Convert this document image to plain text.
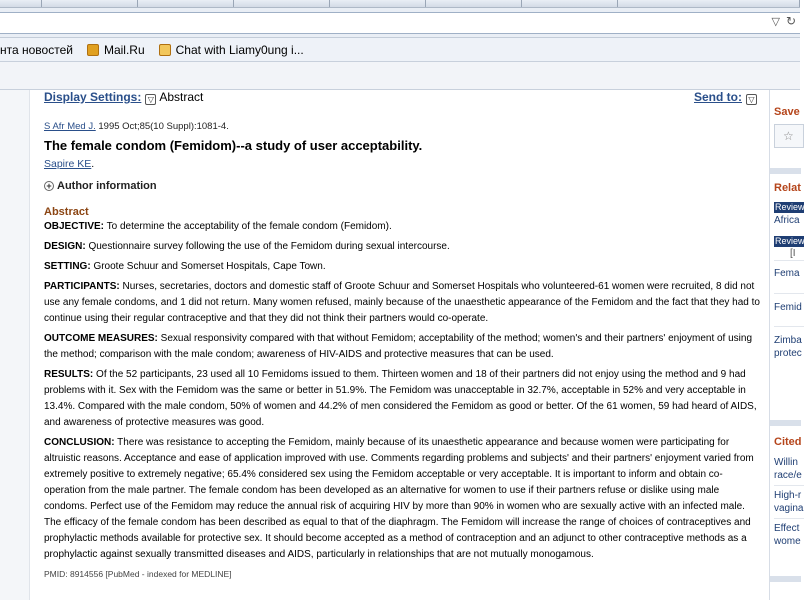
▽ ↻
нта новостей	Mail.Ru	Chat with Liamy0ung i...
Display Settings: ▽ Abstract	Send to: ▽
S Afr Med J. 1995 Oct;85(10 Suppl):1081-4.
The female condom (Femidom)--a study of user acceptability.
Sapire KE.
+ Author information
Abstract
OBJECTIVE: To determine the acceptability of the female condom (Femidom).
DESIGN: Questionnaire survey following the use of the Femidom during sexual intercourse.
SETTING: Groote Schuur and Somerset Hospitals, Cape Town.
PARTICIPANTS: Nurses, secretaries, doctors and domestic staff of Groote Schuur and Somerset Hospitals who volunteered-61 women were recruited, 8 did not use any female condoms, and 1 did not return. Many women refused, mainly because of the unaesthetic appearance of the Femidom and the fact that they had to continue using their regular contraceptive and that they did not think their partners would co-operate.
OUTCOME MEASURES: Sexual responsivity compared with that without Femidom; acceptability of the method; women's and their partners' enjoyment of using the method; comparison with the male condom; awareness of HIV-AIDS and protective measures that can be used.
RESULTS: Of the 52 participants, 23 used all 10 Femidoms issued to them. Thirteen women and 18 of their partners did not enjoy using the method and 9 had problems with it. Sex with the Femidom was the same or better in 51.9%. The Femidom was unacceptable in 32.7%, acceptable in 52% and very acceptable in 13.4%. Compared with the male condom, 50% of women and 44.2% of men considered the Femidom as good or better. Of the 61 women, 59 had heard of AIDS, and awareness of protective measures was good.
CONCLUSION: There was resistance to accepting the Femidom, mainly because of its unaesthetic appearance and because women were participating for altruistic reasons. Acceptance and ease of application improved with use. Comments regarding problems and subjects' and their partners' enjoyment varied from extremely positive to extremely negative; 65.4% considered sex using the Femidom acceptable or very acceptable. It is important to inform and obtain co-operation from the male partner. The female condom has been developed as an alternative for women to use if their partners refuse or dislike using male condoms. Perfect use of the Femidom may reduce the annual risk of acquiring HIV by more than 90% in women who are sexually active with an infected male. The efficacy of the female condom has been described as equal to that of the diaphragm. The Femidom will increase the range of choices of contraceptives and prophylactic methods available for protective sex. It should become accepted as a method of contraception and an adjunct to other contraceptive methods as a prophylactic against sexually transmitted diseases and AIDS, particularly in relationships that are not mutually monogamous.
PMID: 8914556 [PubMed - indexed for MEDLINE]
Save
☆
Relat
Review
Africa
Review
[I
Fema
Femid
Zimba
protec
Cited
Willin
race/e
High-r
vagina
Effect
wome
